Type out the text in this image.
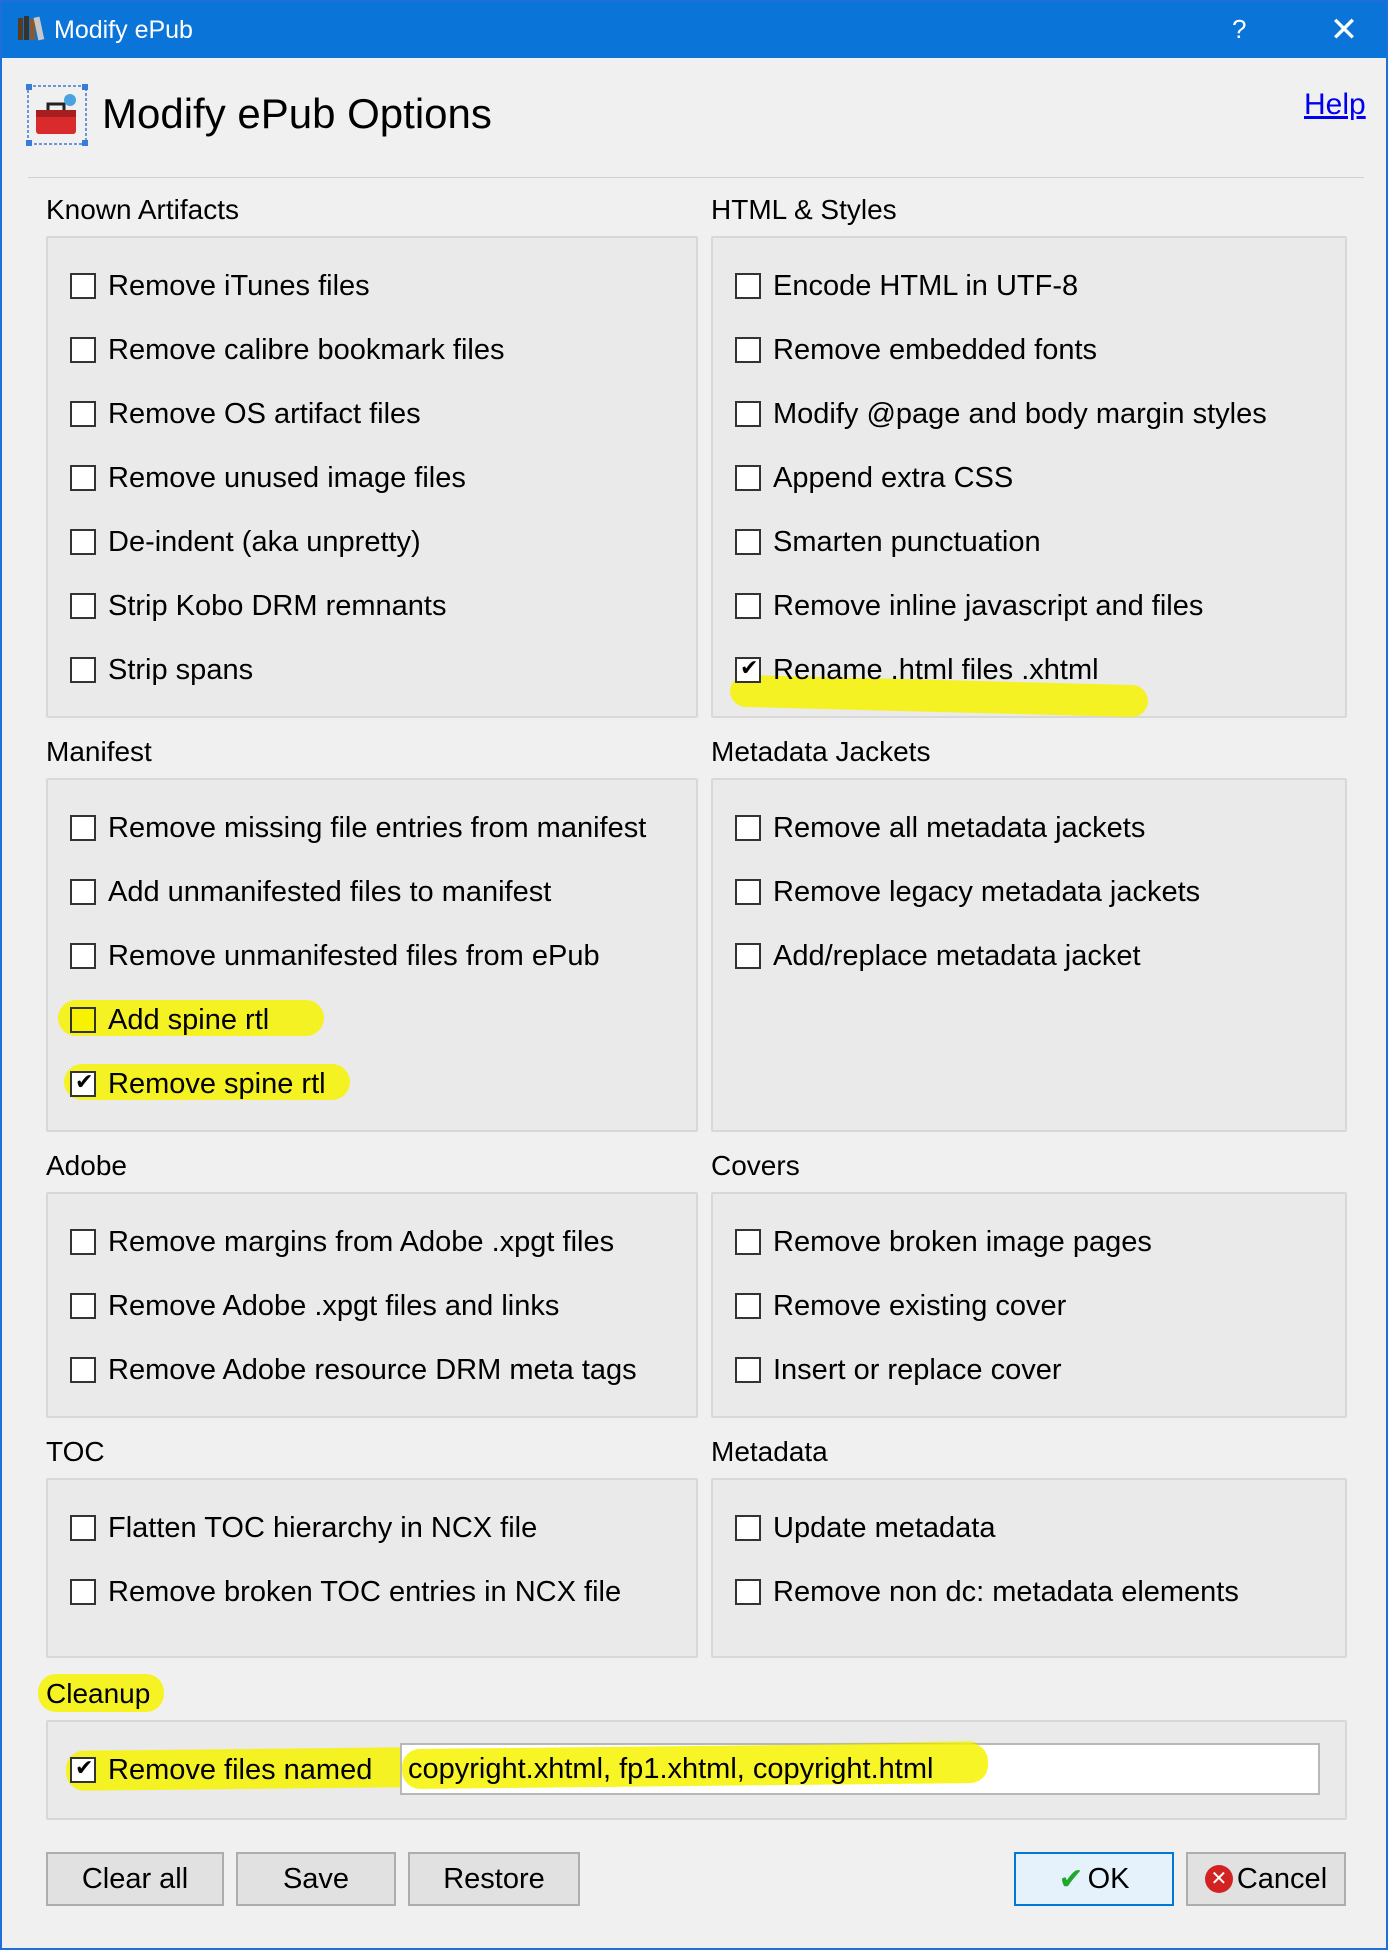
Modify ePub	? ✕
Modify ePub Options	Help
Known Artifacts	HTML & Styles
Manifest	Metadata Jackets
Adobe	Covers
TOC	Metadata
Remove iTunes files
Remove calibre bookmark files
Remove OS artifact files
Remove unused image files
De-indent (aka unpretty)
Strip Kobo DRM remnants
Strip spans
Encode HTML in UTF-8
Remove embedded fonts
Modify @page and body margin styles
Append extra CSS
Smarten punctuation
Remove inline javascript and files
✔
Rename .html files .xhtml
Remove missing file entries from manifest
Add unmanifested files to manifest
Remove unmanifested files from ePub
Add spine rtl
✔
Remove spine rtl
Remove all metadata jackets
Remove legacy metadata jackets
Add/replace metadata jacket
Remove margins from Adobe .xpgt files
Remove Adobe .xpgt files and links
Remove Adobe resource DRM meta tags
Remove broken image pages
Remove existing cover
Insert or replace cover
Flatten TOC hierarchy in NCX file
Remove broken TOC entries in NCX file
Update metadata
Remove non dc: metadata elements
Cleanup
✔
Remove files named copyright.xhtml, fp1.xhtml, copyright.html
Clear all	Save	Restore	✔ OK	✕ Cancel
